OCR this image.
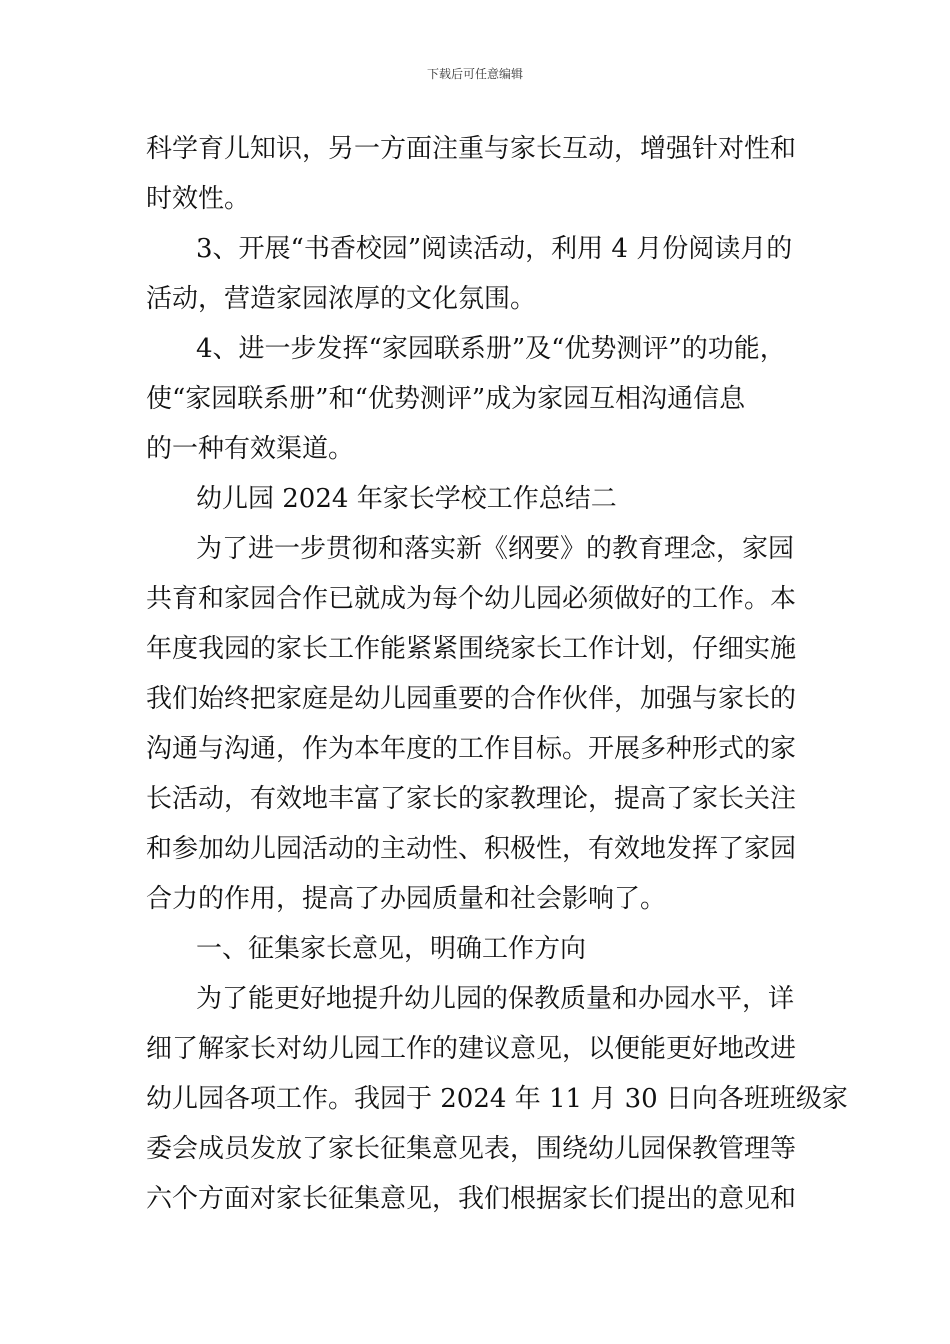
下载后可任意编辑
科学育儿知识，另一方面注重与家长互动，增强针对性和
时效性。
3、开展“书香校园”阅读活动，利用 4 月份阅读月的
活动，营造家园浓厚的文化氛围。
4、进一步发挥“家园联系册”及“优势测评”的功能，
使“家园联系册”和“优势测评”成为家园互相沟通信息
的一种有效渠道。
幼儿园 2024 年家长学校工作总结二
为了进一步贯彻和落实新《纲要》的教育理念，家园
共育和家园合作已就成为每个幼儿园必须做好的工作。本
年度我园的家长工作能紧紧围绕家长工作计划，仔细实施
我们始终把家庭是幼儿园重要的合作伙伴，加强与家长的
沟通与沟通，作为本年度的工作目标。开展多种形式的家
长活动，有效地丰富了家长的家教理论，提高了家长关注
和参加幼儿园活动的主动性、积极性，有效地发挥了家园
合力的作用，提高了办园质量和社会影响了。
一、征集家长意见，明确工作方向
为了能更好地提升幼儿园的保教质量和办园水平，详
细了解家长对幼儿园工作的建议意见，以便能更好地改进
幼儿园各项工作。我园于 2024 年 11 月 30 日向各班班级家
委会成员发放了家长征集意见表，围绕幼儿园保教管理等
六个方面对家长征集意见，我们根据家长们提出的意见和
